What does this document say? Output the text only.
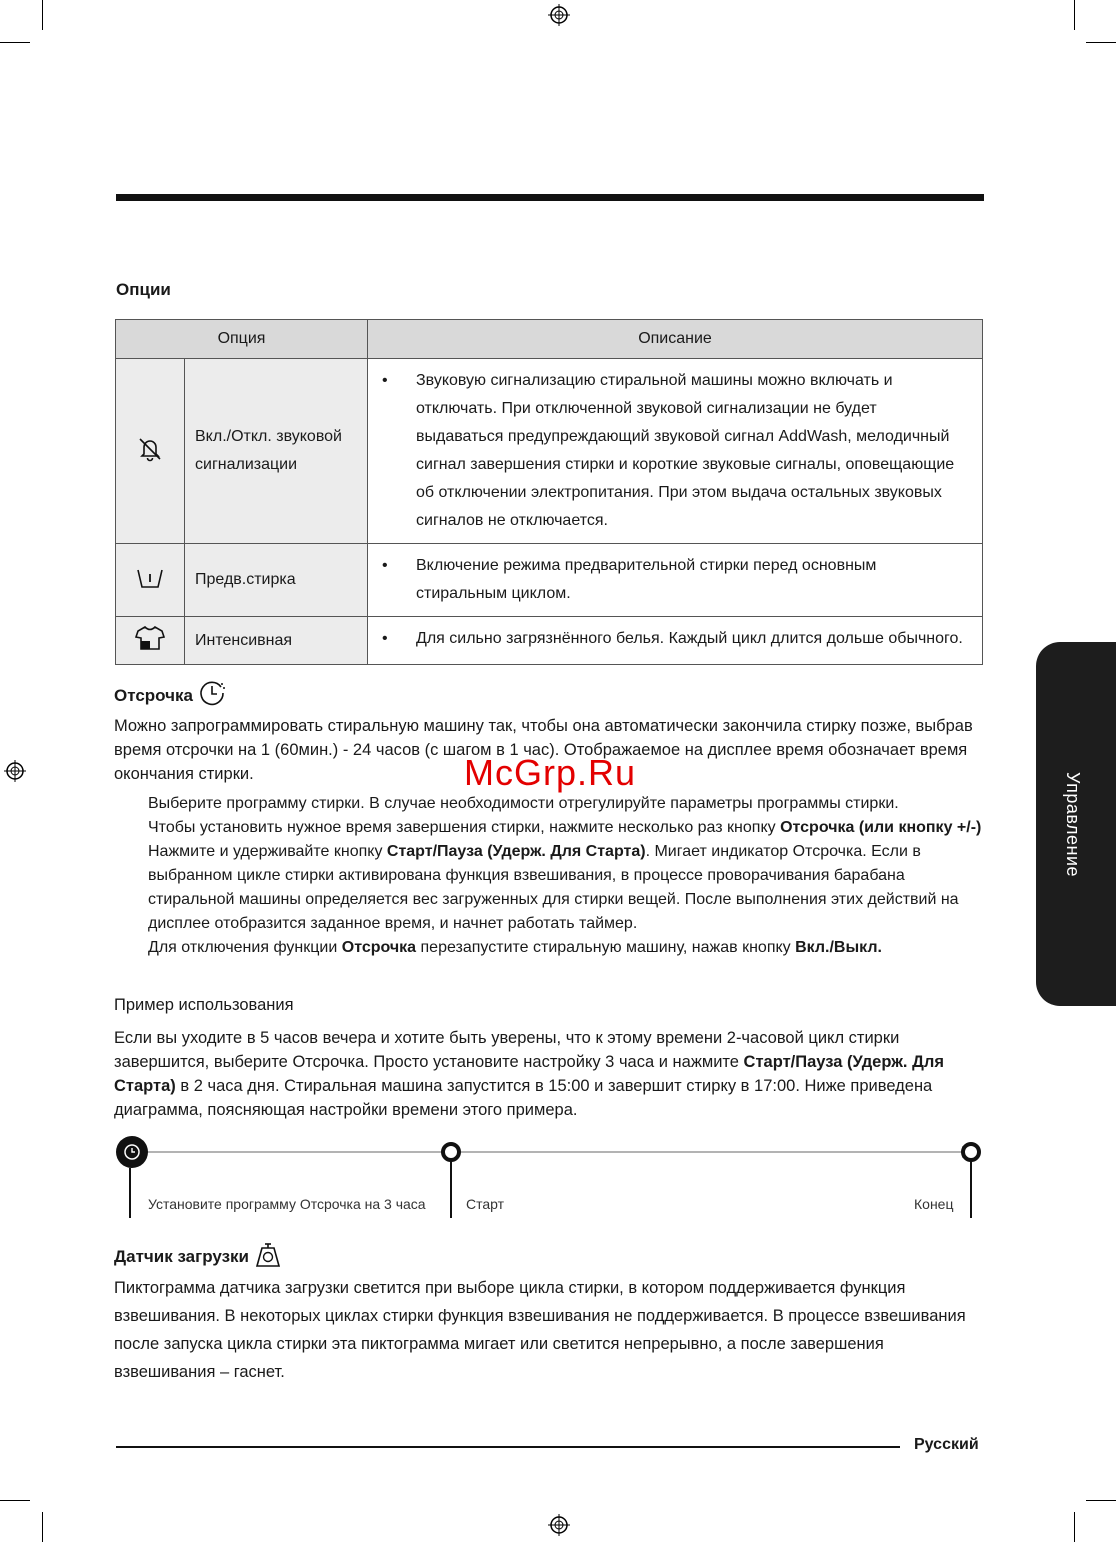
Опции
Опция		Описание
	Вкл./Откл. звуковой сигнализации	• Звуковую сигнализацию стиральной машины можно включать и отключать. При отключенной звуковой сигнализации не будет выдаваться предупреждающий звуковой сигнал AddWash, мелодичный сигнал завершения стирки и короткие звуковые сигналы, оповещающие об отключении электропитания. При этом выдача остальных звуковых сигналов не отключается.

	Предв.стирка	• Включение режима предварительной стирки перед основным стиральным циклом.

	Интенсивная	• Для сильно загрязнённого белья. Каждый цикл длится дольше обычного.
Отсрочка
Можно запрограммировать стиральную машину так, чтобы она автоматически закончила стирку позже, выбрав время отсрочки на 1 (60мин.) - 24 часов (с шагом в 1 час). Отображаемое на дисплее время обозначает время окончания стирки.
Выберите программу стирки. В случае необходимости отрегулируйте параметры программы стирки.
Чтобы установить нужное время завершения стирки, нажмите несколько раз кнопку Отсрочка (или кнопку +/-)
Нажмите и удерживайте кнопку Старт/Пауза (Удерж. Для Старта). Мигает индикатор Отсрочка. Если в выбранном цикле стирки активирована функция взвешивания, в процессе проворачивания барабана стиральной машины определяется вес загруженных для стирки вещей. После выполнения этих действий на дисплее отобразится заданное время, и начнет работать таймер.
Для отключения функции Отсрочка перезапустите стиральную машину, нажав кнопку Вкл./Выкл.
Пример использования
Если вы уходите в 5 часов вечера и хотите быть уверены, что к этому времени 2-часовой цикл стирки завершится, выберите Отсрочка. Просто установите настройку 3 часа и нажмите Старт/Пауза (Удерж. Для Старта) в 2 часа дня. Стиральная машина запустится в 15:00 и завершит стирку в 17:00. Ниже приведена диаграмма, поясняющая настройки времени этого примера.
Установите программу Отсрочка на 3 часа	Старт	Конец
Датчик загрузки
Пиктограмма датчика загрузки светится при выборе цикла стирки, в котором поддерживается функция взвешивания. В некоторых циклах стирки функция взвешивания не поддерживается. В процессе взвешивания после запуска цикла стирки эта пиктограмма мигает или светится непрерывно, а после завершения взвешивания – гаснет.
Управление
McGrp.Ru
Русский
